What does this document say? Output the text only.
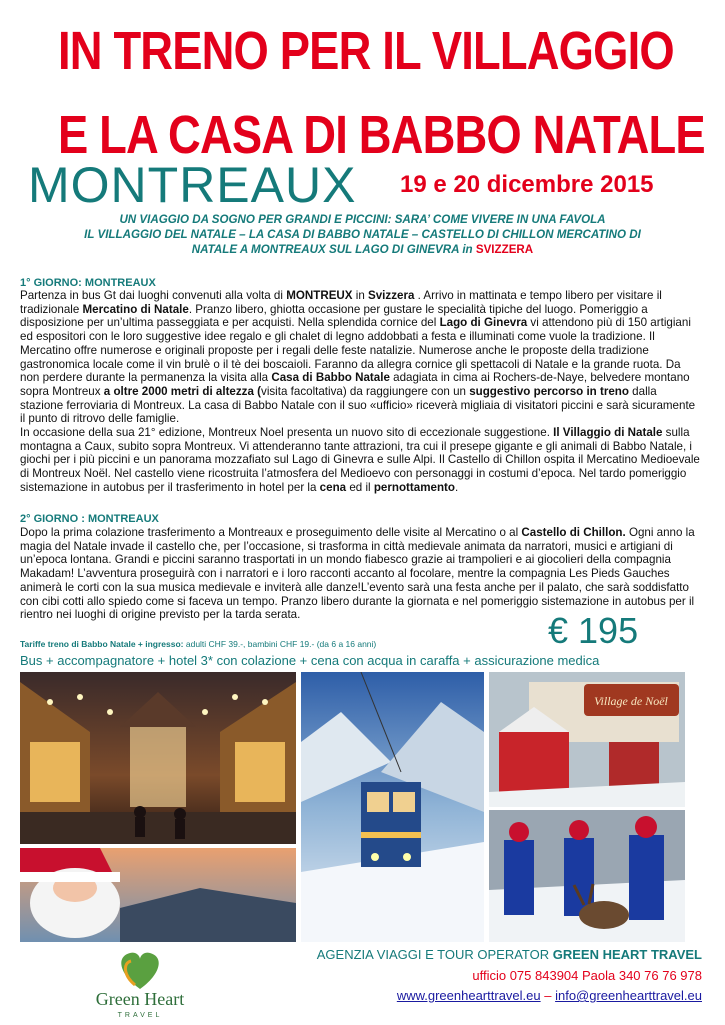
IN TRENO PER IL VILLAGGIO
E LA CASA DI BABBO NATALE
MONTREAUX 19 e 20 dicembre 2015
UN VIAGGIO DA SOGNO PER GRANDI E PICCINI: SARA’ COME VIVERE IN UNA FAVOLA
IL VILLAGGIO DEL NATALE – LA CASA DI BABBO NATALE – CASTELLO DI CHILLON MERCATINO DI
NATALE A MONTREAUX SUL LAGO DI GINEVRA in SVIZZERA
1° GIORNO: MONTREAUX
Partenza in bus Gt dai luoghi convenuti alla volta di MONTREUX in Svizzera . Arrivo in mattinata e tempo libero per visitare il tradizionale Mercatino di Natale. Pranzo libero, ghiotta occasione per gustare le specialità tipiche del luogo. Pomeriggio a disposizione per un’ultima passeggiata e per acquisti. Nella splendida cornice del Lago di Ginevra vi attendono più di 150 artigiani ed espositori con le loro suggestive idee regalo e gli chalet di legno addobbati a festa e illuminati come vuole la tradizione. Il Mercatino offre numerose e originali proposte per i regali delle feste natalizie. Numerose anche le proposte della tradizione gastronomica locale come il vin brulè o il tè dei boscaioli. Faranno da allegra cornice gli spettacoli di Natale e la grande ruota. Da non perdere durante la permanenza la visita alla Casa di Babbo Natale adagiata in cima ai Rochers-de-Naye, belvedere montano sopra Montreux a oltre 2000 metri di altezza (visita facoltativa) da raggiungere con un suggestivo percorso in treno dalla stazione ferroviaria di Montreux. La casa di Babbo Natale con il suo «ufficio» riceverà migliaia di visitatori piccini e sarà sicuramente il punto di ritrovo delle famiglie.
In occasione della sua 21° edizione, Montreux Noel presenta un nuovo sito di eccezionale suggestione. Il Villaggio di Natale sulla montagna a Caux, subito sopra Montreux. Vi attenderanno tante attrazioni, tra cui il presepe gigante e gli animali di Babbo Natale, i giochi per i più piccini e un panorama mozzafiato sul Lago di Ginevra e sulle Alpi. Il Castello di Chillon ospita il Mercatino Medioevale di Montreux Noël. Nel castello viene ricostruita l’atmosfera del Medioevo con personaggi in costumi d’epoca. Nel tardo pomeriggio sistemazione in autobus per il trasferimento in hotel per la cena ed il pernottamento.
2° GIORNO : MONTREAUX
Dopo la prima colazione trasferimento a Montreaux e proseguimento delle visite al Mercatino o al Castello di Chillon. Ogni anno la magia del Natale invade il castello che, per l’occasione, si trasforma in città medievale animata da narratori, musici e artigiani di un’epoca lontana. Grandi e piccini saranno trasportati in un mondo fiabesco grazie ai trampolieri e ai giocolieri della compagnia Makadam! L’avventura proseguirà con i narratori e i loro racconti accanto al focolare, mentre la compagnia Les Pieds Gauches animerà le corti con la sua musica medievale e inviterà alle danze!L’evento sarà una festa anche per il palato, che sarà soddisfatto con cibi cotti allo spiedo come si faceva un tempo. Pranzo libero durante la giornata e nel pomeriggio sistemazione in autobus per il rientro nei luoghi di origine previsto per la tarda serata.
Tariffe treno di Babbo Natale + ingresso: adulti CHF 39.-, bambini CHF 19.- (da 6 a 16 anni)	€ 195
Bus + accompagnatore + hotel 3* con colazione + cena con acqua in caraffa + assicurazione medica
Village de Noël
Green Heart
TRAVEL
AGENZIA VIAGGI E TOUR OPERATOR GREEN HEART TRAVEL
ufficio 075 843904 Paola 340 76 76 978
www.greenhearttravel.eu – info@greenhearttravel.eu
